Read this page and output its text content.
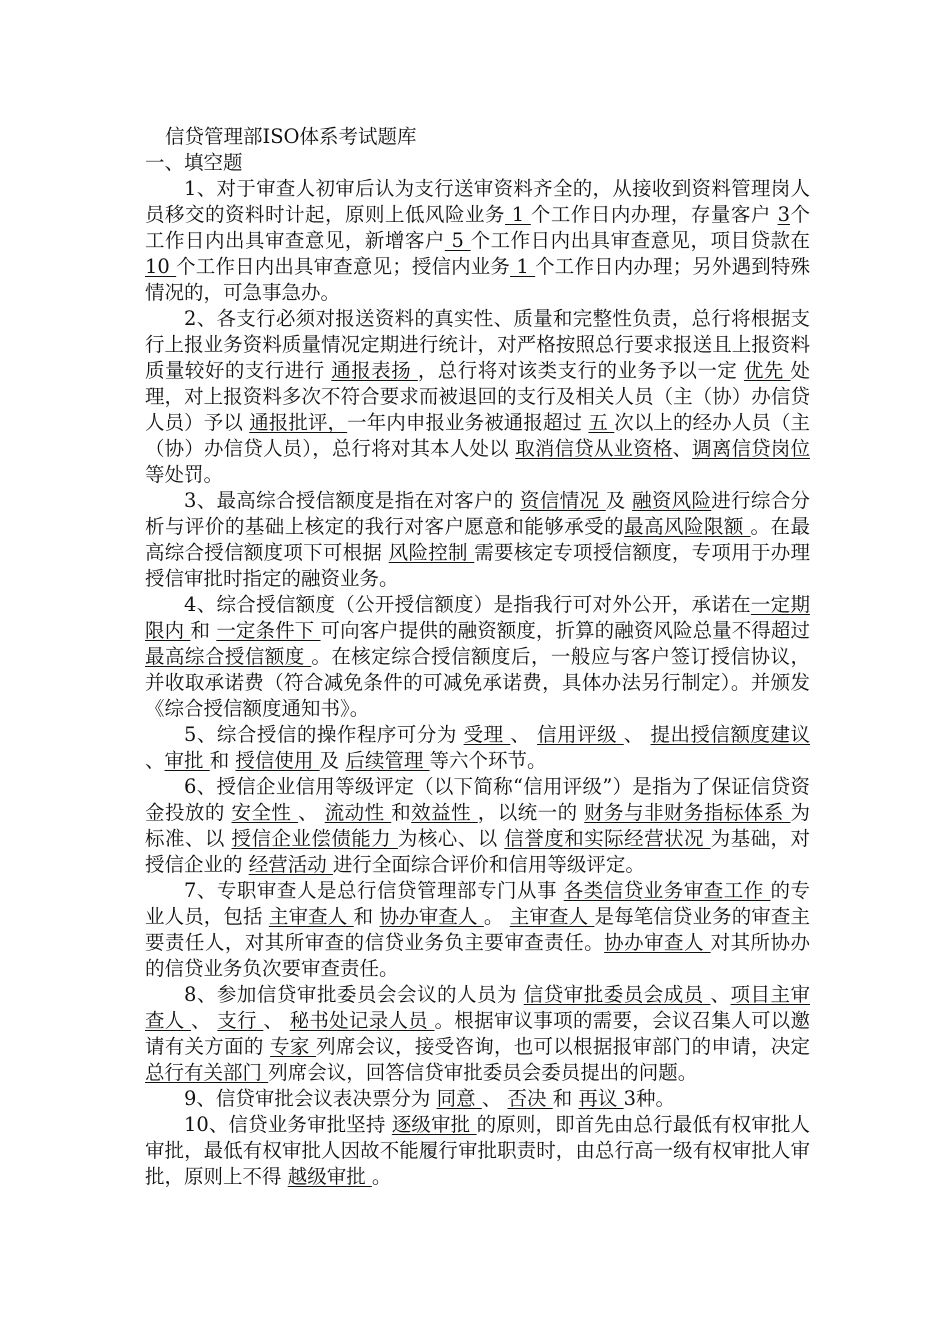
信贷管理部ISO体系考试题库

一、填空题

1、对于审查人初审后认为支行送审资料齐全的，从接收到资料管理岗人员移交的资料时计起，原则上低风险业务 1 个工作日内办理，存量客户 3个工作日内出具审查意见，新增客户 5 个工作日内出具审查意见，项目贷款在 10 个工作日内出具审查意见；授信内业务 1 个工作日内办理；另外遇到特殊情况的，可急事急办。

2、各支行必须对报送资料的真实性、质量和完整性负责，总行将根据支行上报业务资料质量情况定期进行统计，对严格按照总行要求报送且上报资料质量较好的支行进行 通报表扬 ，总行将对该类支行的业务予以一定 优先 处理，对上报资料多次不符合要求而被退回的支行及相关人员（主（协）办信贷人员）予以 通报批评，一年内申报业务被通报超过 五 次以上的经办人员（主（协）办信贷人员），总行将对其本人处以 取消信贷从业资格、调离信贷岗位 等处罚。

3、最高综合授信额度是指在对客户的 资信情况 及 融资风险进行综合分析与评价的基础上核定的我行对客户愿意和能够承受的最高风险限额 。在最高综合授信额度项下可根据 风险控制 需要核定专项授信额度，专项用于办理授信审批时指定的融资业务。

4、综合授信额度（公开授信额度）是指我行可对外公开，承诺在一定期限内 和 一定条件下 可向客户提供的融资额度，折算的融资风险总量不得超过 最高综合授信额度 。在核定综合授信额度后，一般应与客户签订授信协议，并收取承诺费（符合减免条件的可减免承诺费，具体办法另行制定）。并颁发《综合授信额度通知书》。

5、综合授信的操作程序可分为 受理 、 信用评级 、 提出授信额度建议 、审批 和 授信使用 及 后续管理 等六个环节。

6、授信企业信用等级评定（以下简称“信用评级”）是指为了保证信贷资金投放的 安全性 、 流动性 和效益性 ，以统一的 财务与非财务指标体系 为标准、以 授信企业偿债能力 为核心、以 信誉度和实际经营状况 为基础，对授信企业的 经营活动 进行全面综合评价和信用等级评定。

7、专职审查人是总行信贷管理部专门从事 各类信贷业务审查工作 的专业人员，包括 主审查人 和 协办审查人 。 主审查人 是每笔信贷业务的审查主要责任人，对其所审查的信贷业务负主要审查责任。协办审查人 对其所协办的信贷业务负次要审查责任。

8、参加信贷审批委员会会议的人员为 信贷审批委员会成员 、项目主审查人 、 支行 、 秘书处记录人员 。根据审议事项的需要，会议召集人可以邀请有关方面的 专家 列席会议，接受咨询，也可以根据报审部门的申请，决定 总行有关部门 列席会议，回答信贷审批委员会委员提出的问题。

9、信贷审批会议表决票分为 同意 、 否决 和 再议 3种。

10、信贷业务审批坚持 逐级审批 的原则，即首先由总行最低有权审批人审批，最低有权审批人因故不能履行审批职责时，由总行高一级有权审批人审批，原则上不得 越级审批 。
